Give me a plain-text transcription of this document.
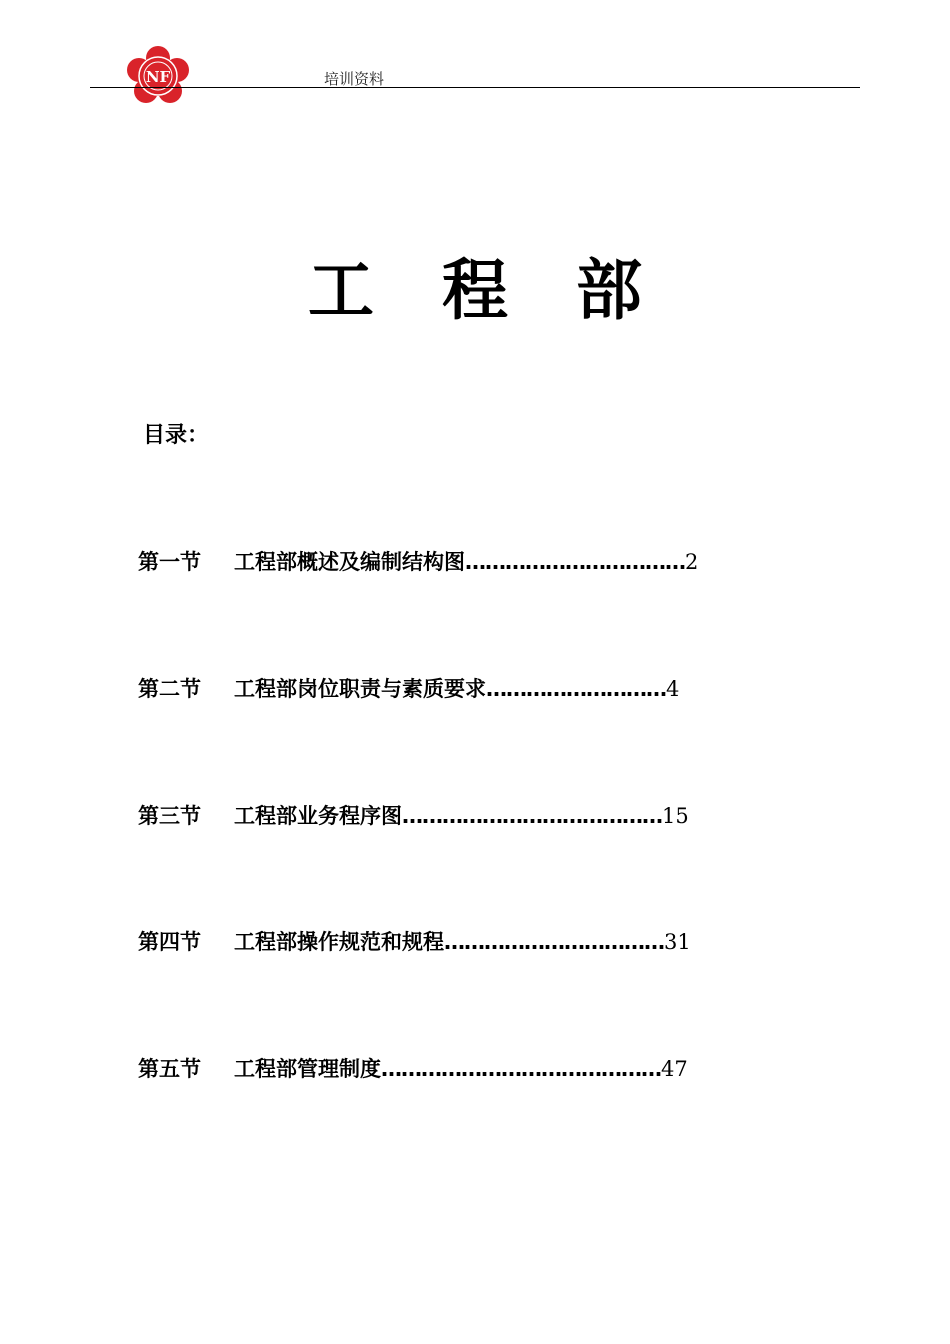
NF	培训资料
工 程 部
目录：
第一节 工程部概述及编制结构图……………………………2
第二节 工程部岗位职责与素质要求………………………4
第三节 工程部业务程序图…………………………………15
第四节 工程部操作规范和规程……………………………31
第五节 工程部管理制度……………………………………47
